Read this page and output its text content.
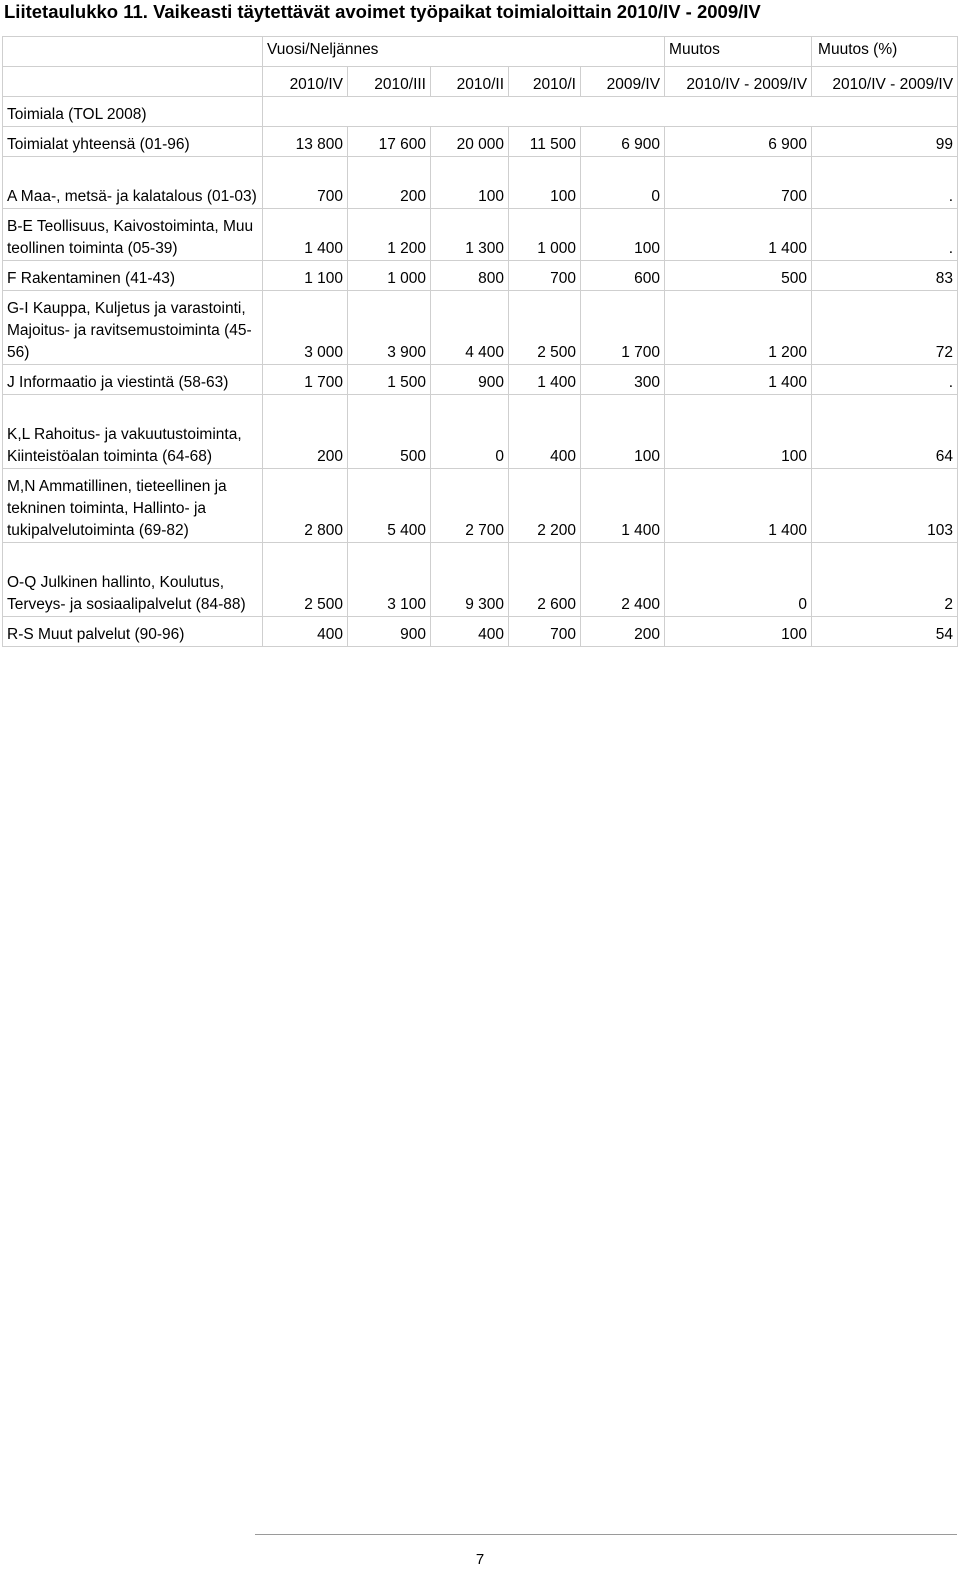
Liitetaulukko 11. Vaikeasti täytettävät avoimet työpaikat toimialoittain 2010/IV - 2009/IV
	Vuosi/Neljännes					Muutos	Muutos (%)
	2010/IV	2010/III	2010/II	2010/I	2009/IV	2010/IV - 2009/IV	2010/IV - 2009/IV
Toimiala (TOL 2008)							
Toimialat yhteensä (01-96)	13 800	17 600	20 000	11 500	6 900	6 900	99
A Maa-, metsä- ja kalatalous (01-03)	700	200	100	100	0	700	.
B-E Teollisuus, Kaivostoiminta, Muu teollinen toiminta (05-39)	1 400	1 200	1 300	1 000	100	1 400	.
F Rakentaminen (41-43)	1 100	1 000	800	700	600	500	83
G-I Kauppa, Kuljetus ja varastointi, Majoitus- ja ravitsemustoiminta (45-56)	3 000	3 900	4 400	2 500	1 700	1 200	72
J Informaatio ja viestintä (58-63)	1 700	1 500	900	1 400	300	1 400	.
K,L Rahoitus- ja vakuutustoiminta, Kiinteistöalan toiminta (64-68)	200	500	0	400	100	100	64
M,N Ammatillinen, tieteellinen ja tekninen toiminta, Hallinto- ja tukipalvelutoiminta (69-82)	2 800	5 400	2 700	2 200	1 400	1 400	103
O-Q Julkinen hallinto, Koulutus, Terveys- ja sosiaalipalvelut (84-88)	2 500	3 100	9 300	2 600	2 400	0	2
R-S Muut palvelut (90-96)	400	900	400	700	200	100	54
7
